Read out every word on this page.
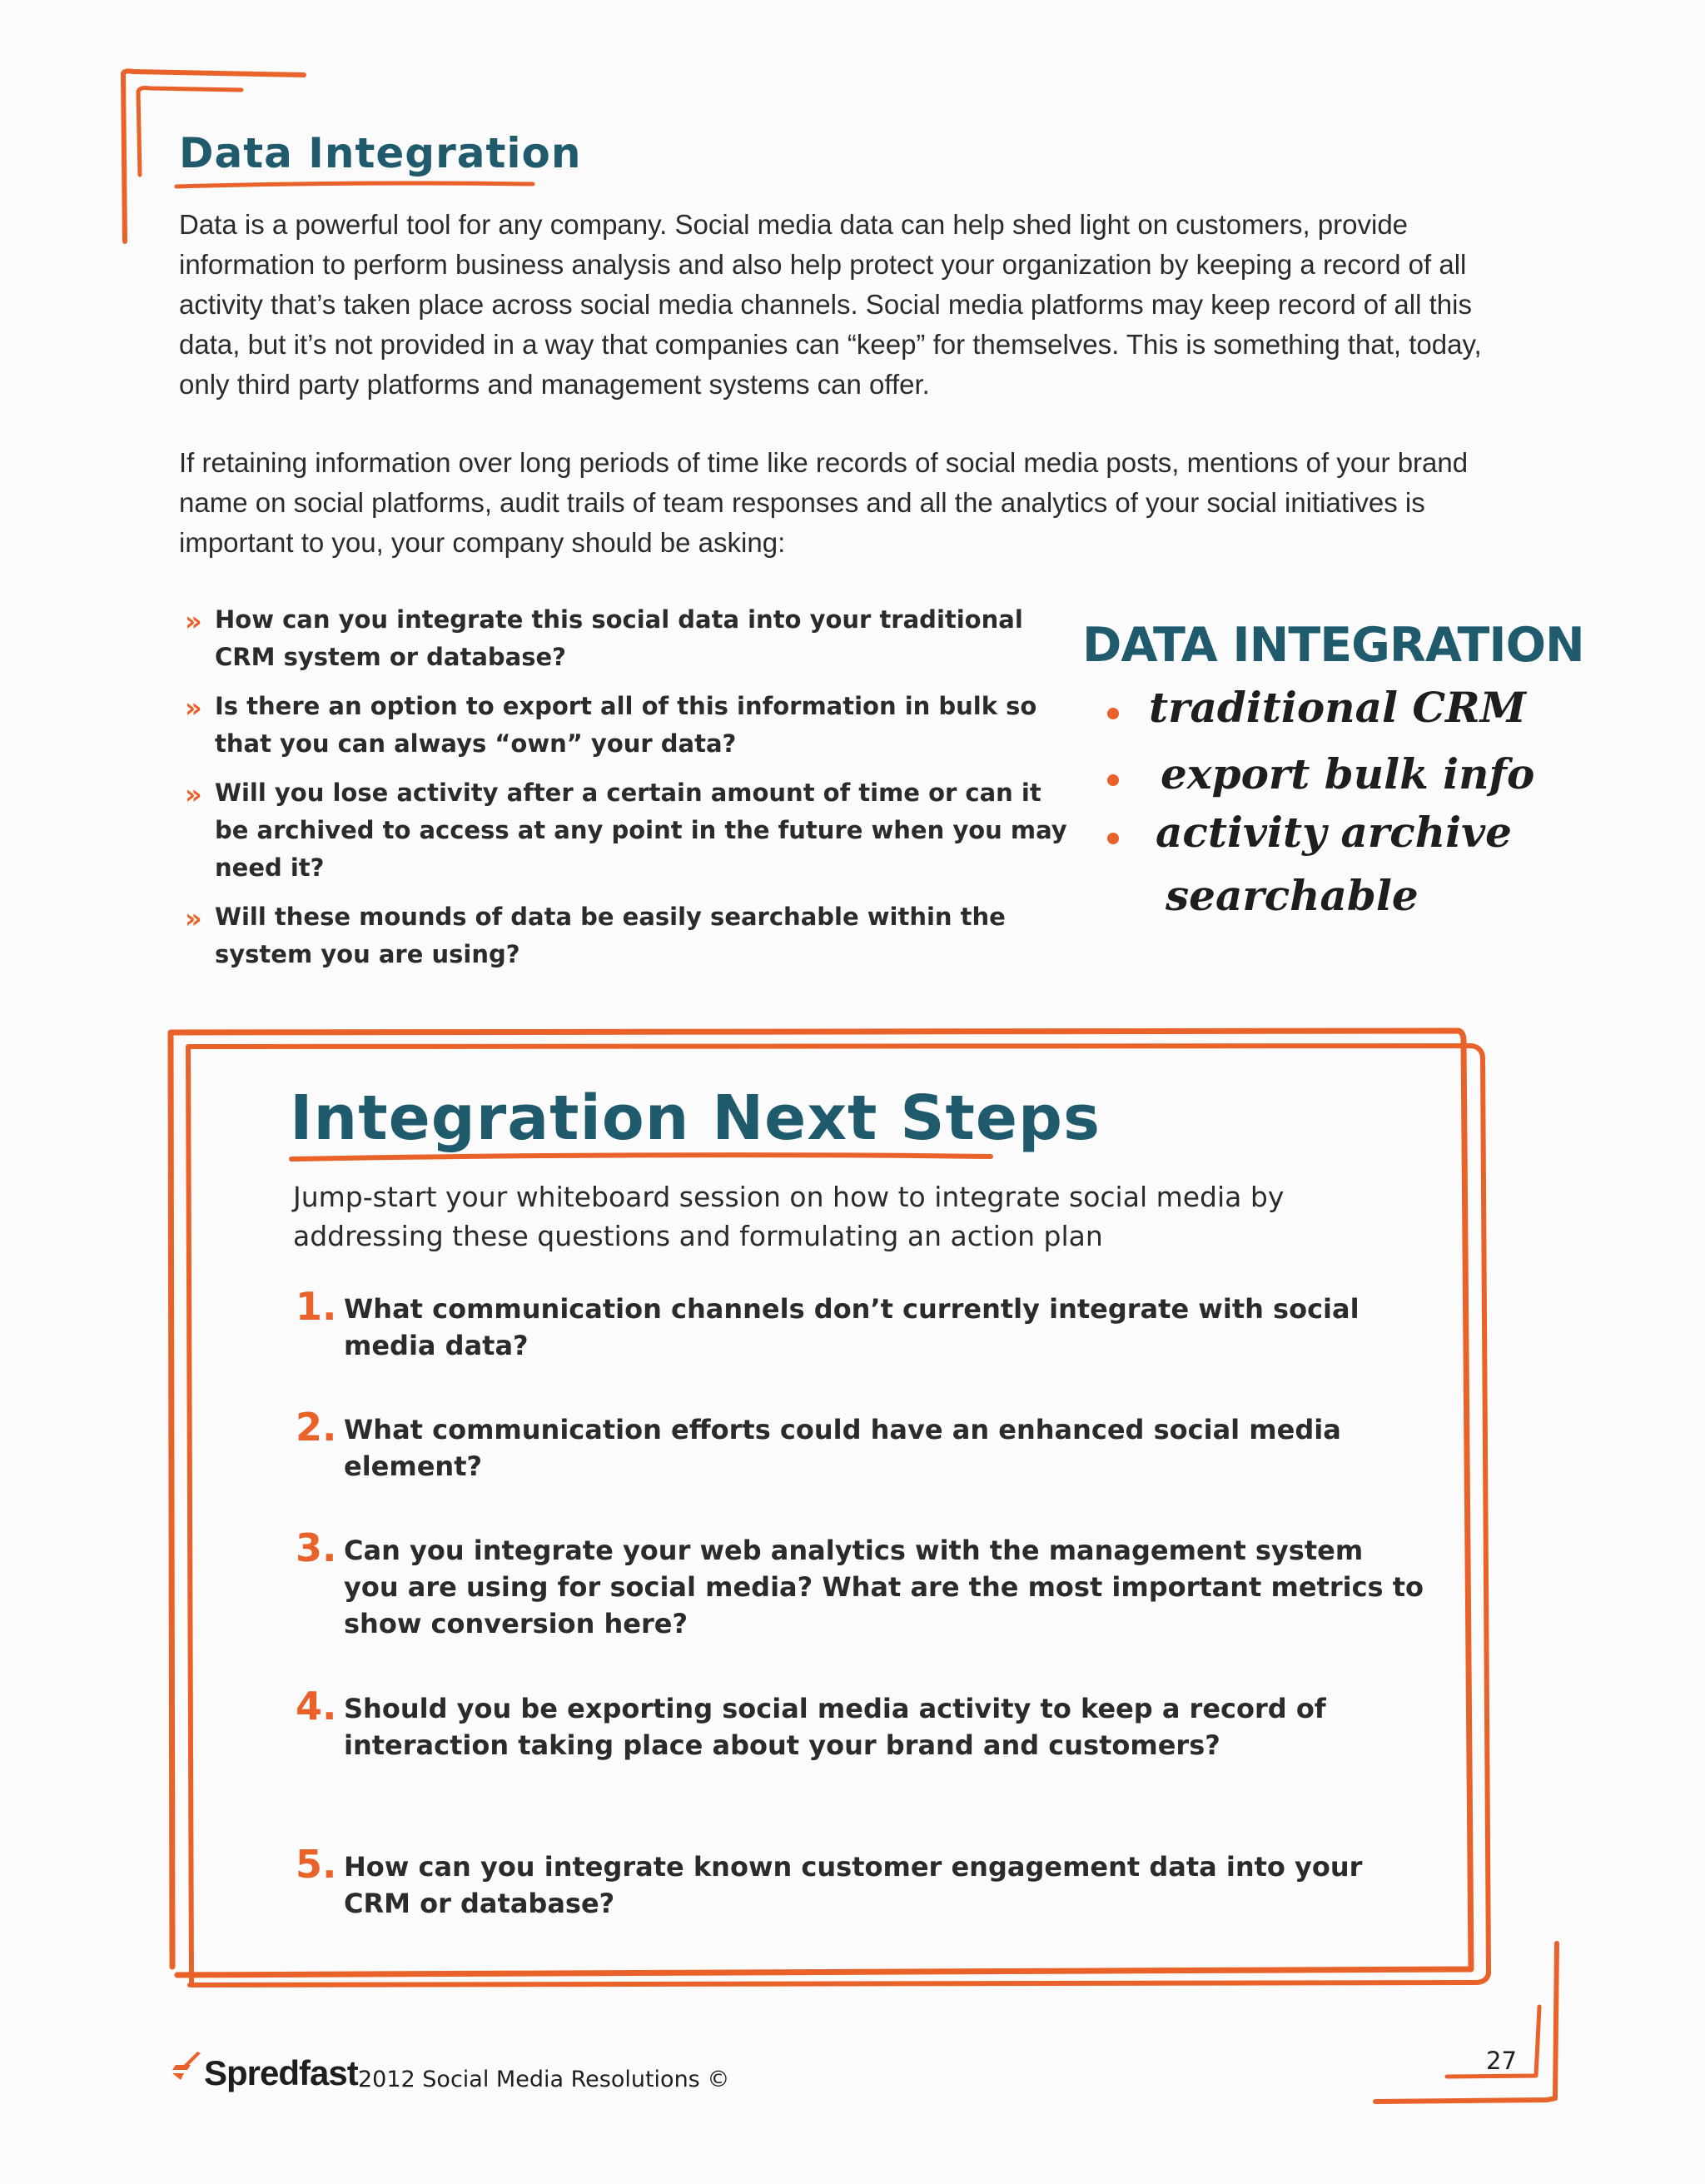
Data Integration

Data is a powerful tool for any company. Social media data can help shed light on customers, provide information to perform business analysis and also help protect your organization by keeping a record of all activity that’s taken place across social media channels. Social media platforms may keep record of all this data, but it’s not provided in a way that companies can “keep” for themselves. This is something that, today, only third party platforms and management systems can offer.

If retaining information over long periods of time like records of social media posts, mentions of your brand name on social platforms, audit trails of team responses and all the analytics of your social initiatives is important to you, your company should be asking:

» How can you integrate this social data into your traditional CRM system or database?
» Is there an option to export all of this information in bulk so that you can always “own” your data?
» Will you lose activity after a certain amount of time or can it be archived to access at any point in the future when you may need it?
» Will these mounds of data be easily searchable within the system you are using?
DATA INTEGRATION
traditional CRM
export bulk info
activity archive
searchable
Integration Next Steps

Jump-start your whiteboard session on how to integrate social media by addressing these questions and formulating an action plan

1. What communication channels don’t currently integrate with social media data?
2. What communication efforts could have an enhanced social media element?
3. Can you integrate your web analytics with the management system you are using for social media? What are the most important metrics to show conversion here?
4. Should you be exporting social media activity to keep a record of interaction taking place about your brand and customers?
5. How can you integrate known customer engagement data into your CRM or database?
Spredfast 2012 Social Media Resolutions ©
27
